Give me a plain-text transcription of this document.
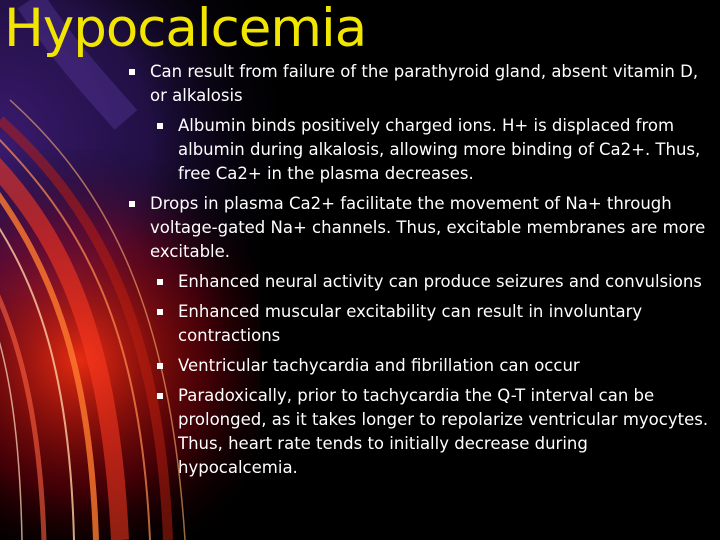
Hypocalcemia
Can result from failure of the parathyroid gland, absent vitamin D, or alkalosis
Albumin binds positively charged ions. H+ is displaced from albumin during alkalosis, allowing more binding of Ca2+. Thus, free Ca2+ in the plasma decreases.
Drops in plasma Ca2+ facilitate the movement of Na+ through voltage-gated Na+ channels. Thus, excitable membranes are more excitable.
Enhanced neural activity can produce seizures and convulsions
Enhanced muscular excitability can result in involuntary contractions
Ventricular tachycardia and fibrillation can occur
Paradoxically, prior to tachycardia the Q-T interval can be prolonged, as it takes longer to repolarize ventricular myocytes. Thus, heart rate tends to initially decrease during hypocalcemia.
